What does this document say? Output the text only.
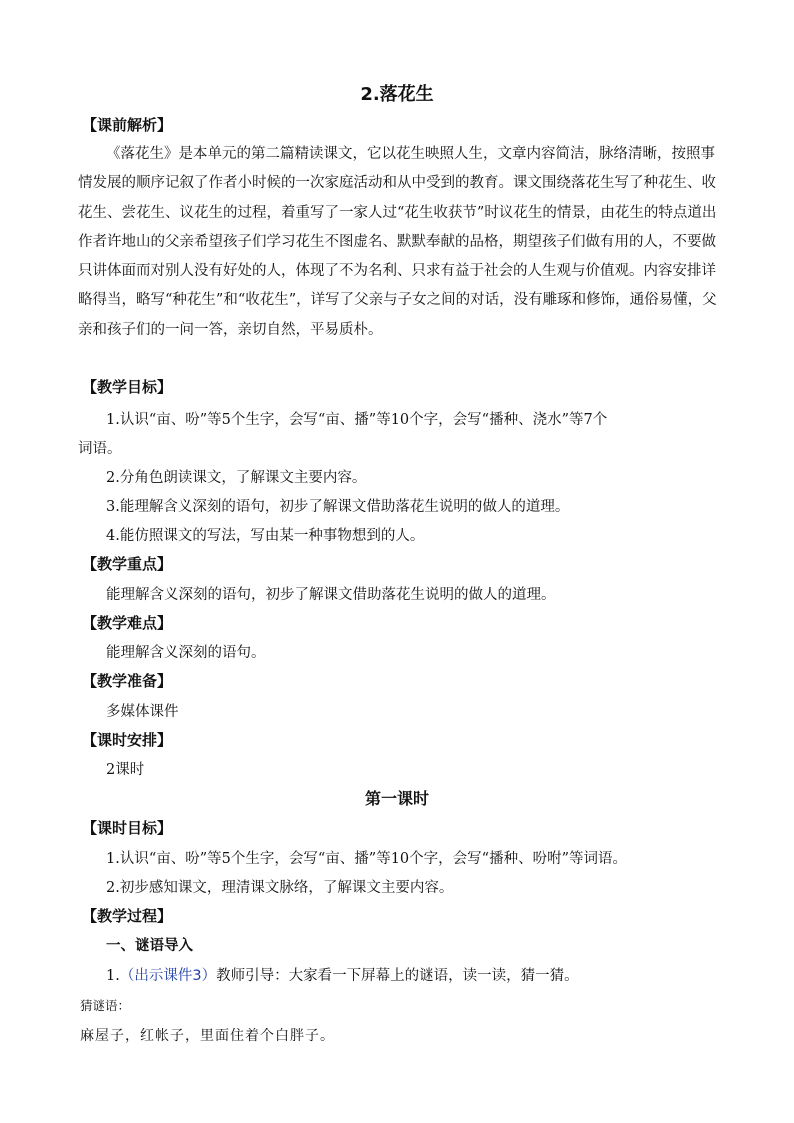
2.落花生
【课前解析】
《落花生》是本单元的第二篇精读课文，它以花生映照人生，文章内容简洁，脉络清晰，按照事情发展的顺序记叙了作者小时候的一次家庭活动和从中受到的教育。课文围绕落花生写了种花生、收花生、尝花生、议花生的过程，着重写了一家人过“花生收获节”时议花生的情景，由花生的特点道出作者许地山的父亲希望孩子们学习花生不图虚名、默默奉献的品格，期望孩子们做有用的人，不要做只讲体面而对别人没有好处的人，体现了不为名利、只求有益于社会的人生观与价值观。内容安排详略得当，略写“种花生”和“收花生”，详写了父亲与子女之间的对话，没有雕琢和修饰，通俗易懂，父亲和孩子们的一问一答，亲切自然，平易质朴。
【教学目标】
1.认识“亩、吩”等5个生字，会写“亩、播”等10个字，会写“播种、浇水”等7个
词语。
2.分角色朗读课文，了解课文主要内容。
3.能理解含义深刻的语句，初步了解课文借助落花生说明的做人的道理。
4.能仿照课文的写法，写由某一种事物想到的人。
【教学重点】
能理解含义深刻的语句，初步了解课文借助落花生说明的做人的道理。
【教学难点】
能理解含义深刻的语句。
【教学准备】
多媒体课件
【课时安排】
2课时
第一课时
【课时目标】
1.认识“亩、吩”等5个生字，会写“亩、播”等10个字，会写“播种、吩咐”等词语。
2.初步感知课文，理清课文脉络，了解课文主要内容。
【教学过程】
一、谜语导入
1.（出示课件3）教师引导：大家看一下屏幕上的谜语，读一读，猜一猜。
猜谜语：
麻屋子，红帐子，里面住着个白胖子。
